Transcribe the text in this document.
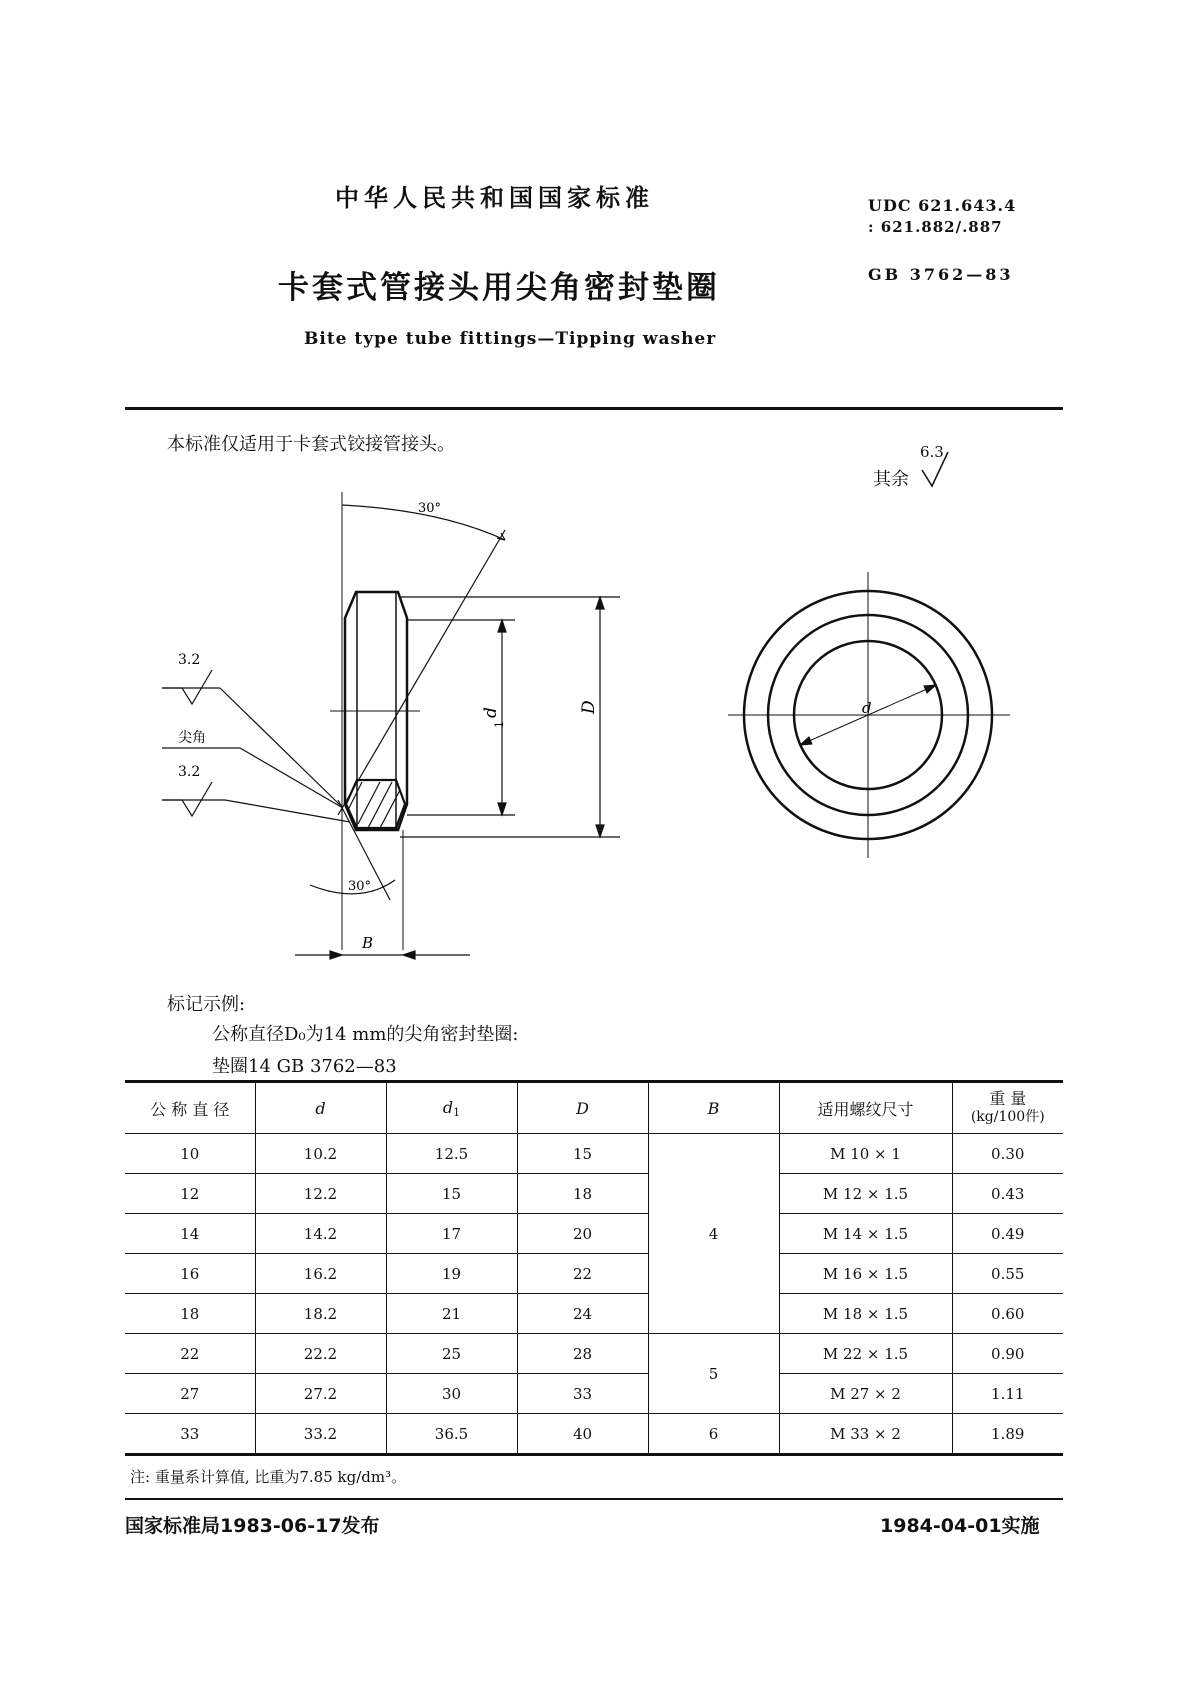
中华人民共和国国家标准	UDC 621.643.4
: 621.882/.887
卡套式管接头用尖角密封垫圈	GB 3762—83
Bite type tube fittings—Tipping washer
本标准仅适用于卡套式铰接管接头。
其余
6.3
30°
30°
d
1
D
B
3.2
3.2
尖角
d
标记示例:
公称直径D₀为14 mm的尖角密封垫圈:
垫圈14 GB 3762—83
公 称 直 径	d	$d_1$	D	B	适用螺纹尺寸	重 量
(kg/100件)

10	10.2	12.5	15	4	M 10 × 1	0.30
12	12.2	15	18		M 12 × 1.5	0.43
14	14.2	17	20		M 14 × 1.5	0.49
16	16.2	19	22		M 16 × 1.5	0.55
18	18.2	21	24		M 18 × 1.5	0.60
22	22.2	25	28	5	M 22 × 1.5	0.90
27	27.2	30	33		M 27 × 2	1.11
33	33.2	36.5	40	6	M 33 × 2	1.89
注: 重量系计算值, 比重为7.85 kg/dm³。
国家标准局1983-06-17发布	1984-04-01实施
